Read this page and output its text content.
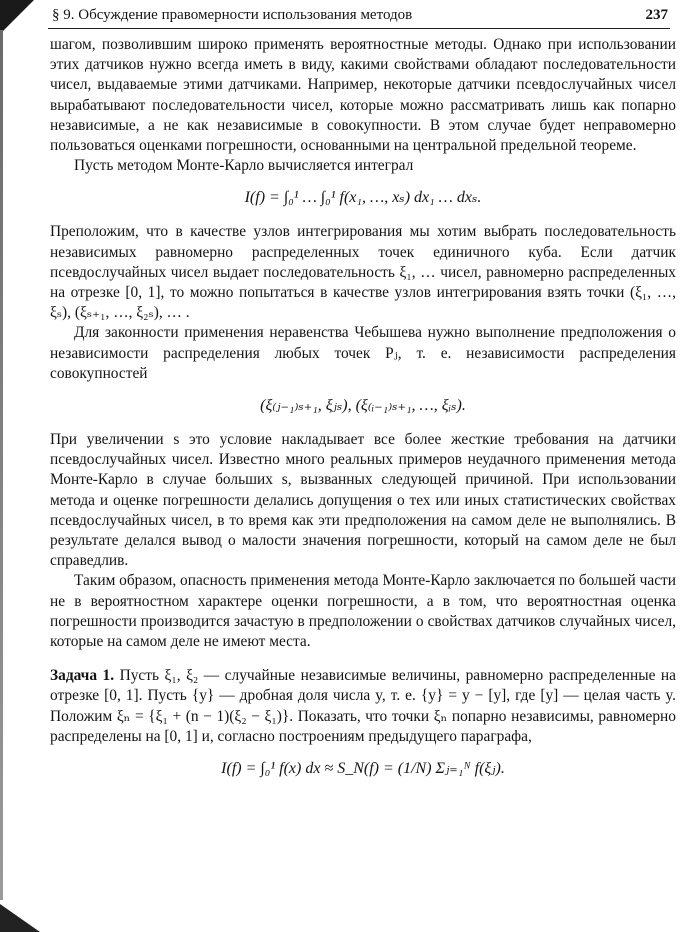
§ 9. Обсуждение правомерности использования методов	237

шагом, позволившим широко применять вероятностные методы. Однако при использовании этих датчиков нужно всегда иметь в виду, какими свойствами обладают последовательности чисел, выдаваемые этими датчиками. Например, некоторые датчики псевдослучайных чисел вырабатывают последовательности чисел, которые можно рассматривать лишь как попарно независимые, а не как независимые в совокупности. В этом случае будет неправомерно пользоваться оценками погрешности, основанными на центральной предельной теореме.

Пусть методом Монте-Карло вычисляется интеграл

I(f) = ∫₀¹ … ∫₀¹ f(x₁, …, xₛ) dx₁ … dxₛ.

Преположим, что в качестве узлов интегрирования мы хотим выбрать последовательность независимых равномерно распределенных точек единичного куба. Если датчик псевдослучайных чисел выдает последовательность ξ₁, … чисел, равномерно распределенных на отрезке [0, 1], то можно попытаться в качестве узлов интегрирования взять точки (ξ₁, …, ξₛ), (ξₛ₊₁, …, ξ₂ₛ), … .

Для законности применения неравенства Чебышева нужно выполнение предположения о независимости распределения любых точек Pⱼ, т. е. независимости распределения совокупностей

(ξ₍ⱼ₋₁₎ₛ₊₁, ξⱼₛ), (ξ₍ᵢ₋₁₎ₛ₊₁, …, ξᵢₛ).

При увеличении s это условие накладывает все более жесткие требования на датчики псевдослучайных чисел. Известно много реальных примеров неудачного применения метода Монте-Карло в случае больших s, вызванных следующей причиной. При использовании метода и оценке погрешности делались допущения о тех или иных статистических свойствах псевдослучайных чисел, в то время как эти предположения на самом деле не выполнялись. В результате делался вывод о малости значения погрешности, который на самом деле не был справедлив.

Таким образом, опасность применения метода Монте-Карло заключается по большей части не в вероятностном характере оценки погрешности, а в том, что вероятностная оценка погрешности производится зачастую в предположении о свойствах датчиков случайных чисел, которые на самом деле не имеют места.

Задача 1. Пусть ξ₁, ξ₂ — случайные независимые величины, равномерно распределенные на отрезке [0, 1]. Пусть {y} — дробная доля числа y, т. е. {y} = y − [y], где [y] — целая часть y. Положим ξₙ = {ξ₁ + (n − 1)(ξ₂ − ξ₁)}. Показать, что точки ξₙ попарно независимы, равномерно распределены на [0, 1] и, согласно построениям предыдущего параграфа,

I(f) = ∫₀¹ f(x) dx ≈ S_N(f) = (1/N) Σⱼ₌₁ᴺ f(ξⱼ).
